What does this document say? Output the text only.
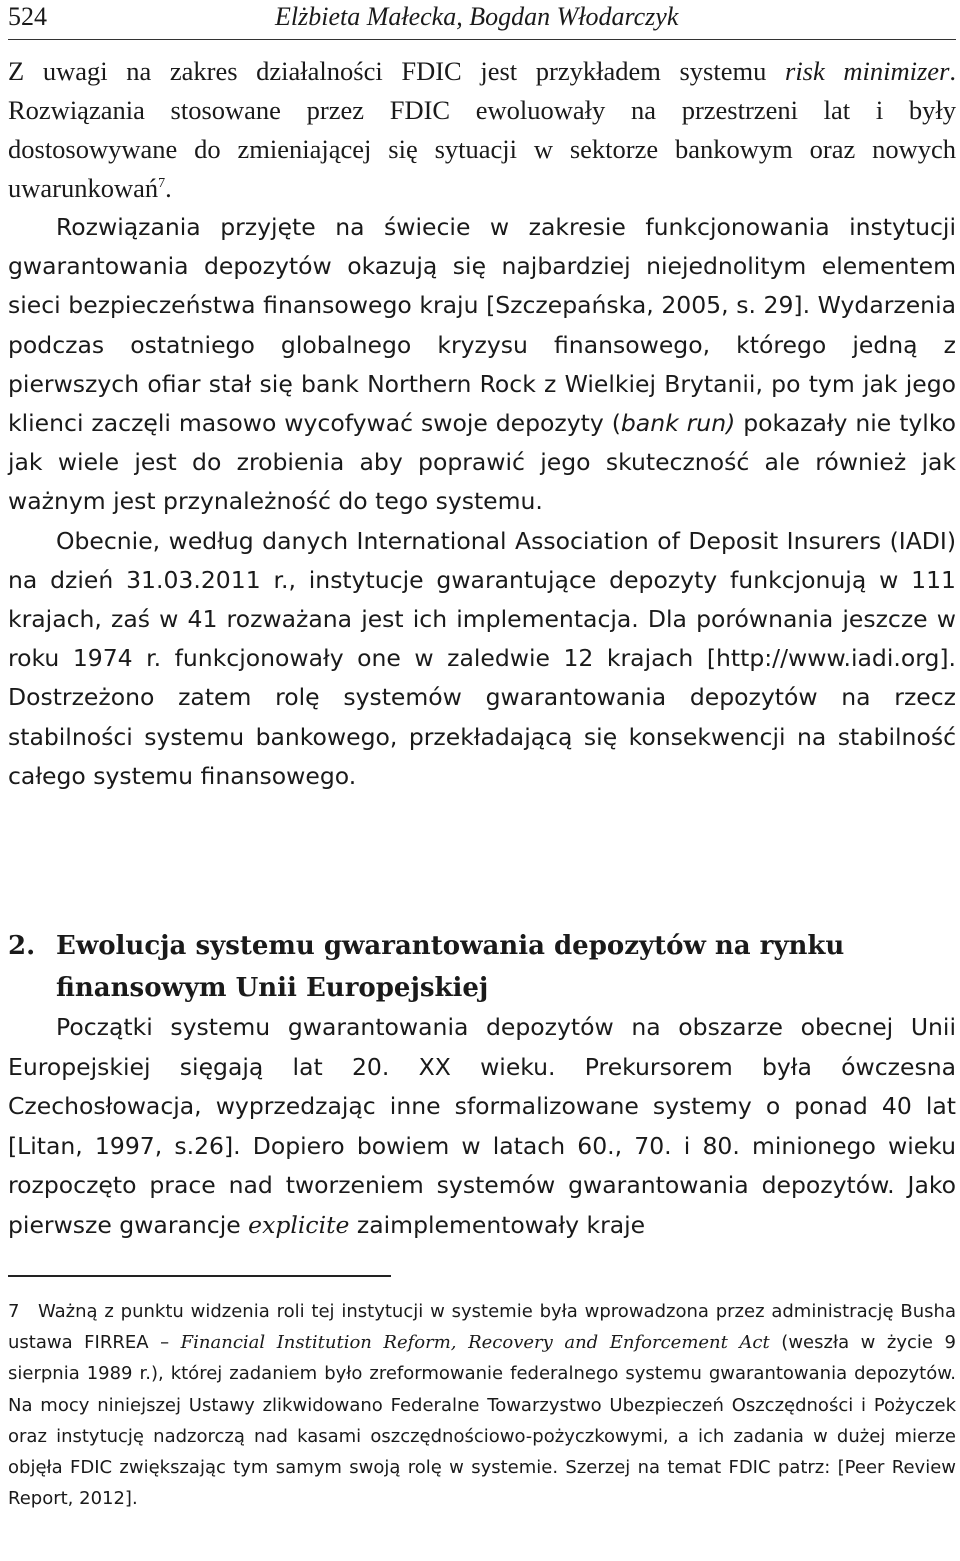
524	Elżbieta Małecka, Bogdan Włodarczyk

Z uwagi na zakres działalności FDIC jest przykładem systemu risk minimizer. Rozwiązania stosowane przez FDIC ewoluowały na przestrzeni lat i były dostosowywane do zmieniającej się sytuacji w sektorze bankowym oraz nowych uwarunkowań$^7$.

Rozwiązania przyjęte na świecie w zakresie funkcjonowania instytucji gwarantowania depozytów okazują się najbardziej niejednolitym elementem sieci bezpieczeństwa finansowego kraju [Szczepańska, 2005, s. 29]. Wydarzenia podczas ostatniego globalnego kryzysu finansowego, którego jedną z pierwszych ofiar stał się bank Northern Rock z Wielkiej Brytanii, po tym jak jego klienci zaczęli masowo wycofywać swoje depozyty (bank run) pokazały nie tylko jak wiele jest do zrobienia aby poprawić jego skuteczność ale również jak ważnym jest przynależność do tego systemu.

Obecnie, według danych International Association of Deposit Insurers (IADI) na dzień 31.03.2011 r., instytucje gwarantujące depozyty funkcjonują w 111 krajach, zaś w 41 rozważana jest ich implementacja. Dla porównania jeszcze w roku 1974 r. funkcjonowały one w zaledwie 12 krajach [http://www.iadi.org]. Dostrzeżono zatem rolę systemów gwarantowania depozytów na rzecz stabilności systemu bankowego, przekładającą się konsekwencji na stabilność całego systemu finansowego.

2. Ewolucja systemu gwarantowania depozytów na rynku finansowym Unii Europejskiej

Początki systemu gwarantowania depozytów na obszarze obecnej Unii Europejskiej sięgają lat 20. XX wieku. Prekursorem była ówczesna Czechosłowacja, wyprzedzając inne sformalizowane systemy o ponad 40 lat [Litan, 1997, s.26]. Dopiero bowiem w latach 60., 70. i 80. minionego wieku rozpoczęto prace nad tworzeniem systemów gwarantowania depozytów. Jako pierwsze gwarancje explicite zaimplementowały kraje

7 Ważną z punktu widzenia roli tej instytucji w systemie była wprowadzona przez administrację Busha ustawa FIRREA – Financial Institution Reform, Recovery and Enforcement Act (weszła w życie 9 sierpnia 1989 r.), której zadaniem było zreformowanie federalnego systemu gwarantowania depozytów. Na mocy niniejszej Ustawy zlikwidowano Federalne Towarzystwo Ubezpieczeń Oszczędności i Pożyczek oraz instytucję nadzorczą nad kasami oszczędnościowo-pożyczkowymi, a ich zadania w dużej mierze objęła FDIC zwiększając tym samym swoją rolę w systemie. Szerzej na temat FDIC patrz: [Peer Review Report, 2012].
